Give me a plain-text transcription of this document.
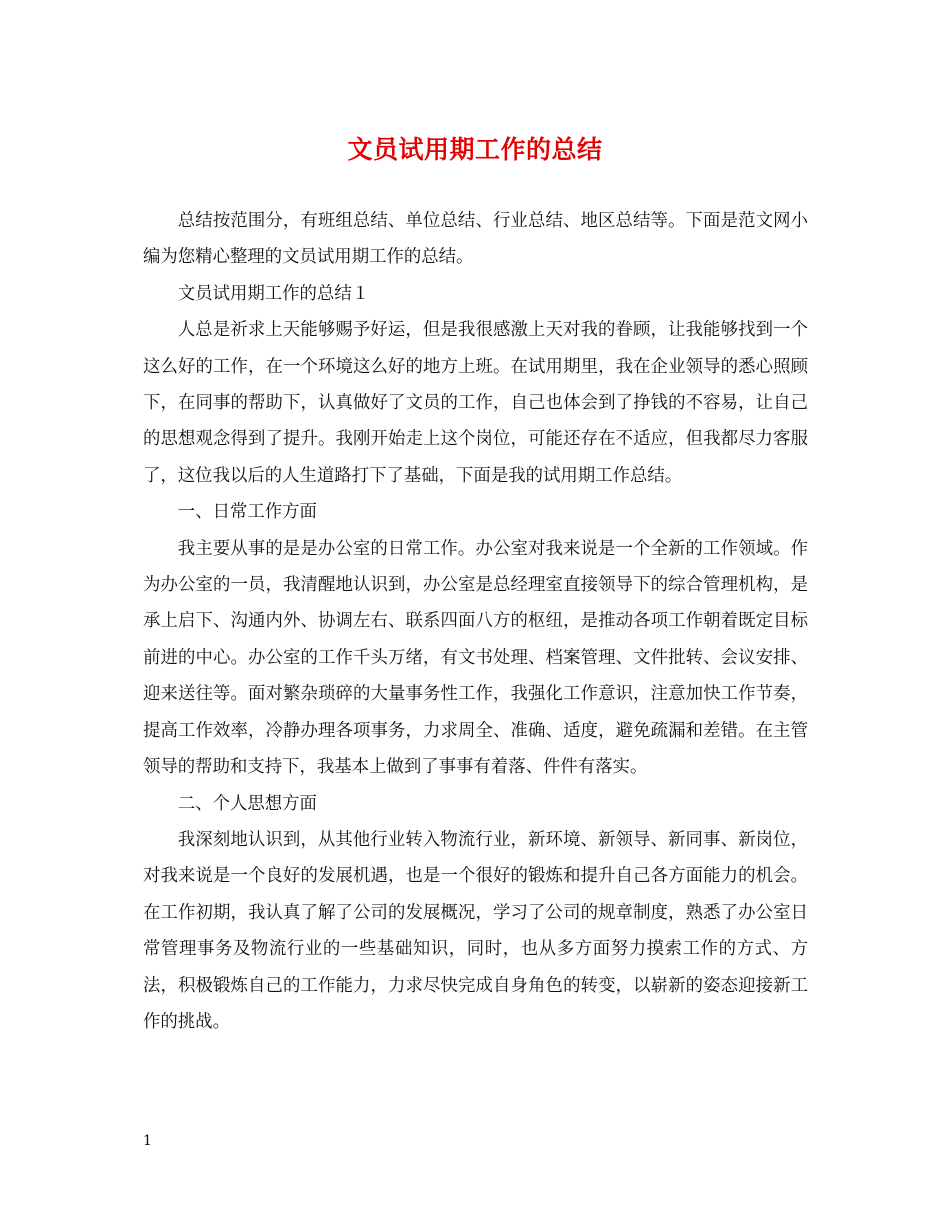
文员试用期工作的总结

总结按范围分，有班组总结、单位总结、行业总结、地区总结等。下面是范文网小编为您精心整理的文员试用期工作的总结。

文员试用期工作的总结１

人总是祈求上天能够赐予好运，但是我很感激上天对我的眷顾，让我能够找到一个这么好的工作，在一个环境这么好的地方上班。在试用期里，我在企业领导的悉心照顾下，在同事的帮助下，认真做好了文员的工作，自己也体会到了挣钱的不容易，让自己的思想观念得到了提升。我刚开始走上这个岗位，可能还存在不适应，但我都尽力客服了，这位我以后的人生道路打下了基础，下面是我的试用期工作总结。

一、日常工作方面

我主要从事的是是办公室的日常工作。办公室对我来说是一个全新的工作领域。作为办公室的一员，我清醒地认识到，办公室是总经理室直接领导下的综合管理机构，是承上启下、沟通内外、协调左右、联系四面八方的枢纽，是推动各项工作朝着既定目标前进的中心。办公室的工作千头万绪，有文书处理、档案管理、文件批转、会议安排、迎来送往等。面对繁杂琐碎的大量事务性工作，我强化工作意识，注意加快工作节奏，提高工作效率，冷静办理各项事务，力求周全、准确、适度，避免疏漏和差错。在主管领导的帮助和支持下，我基本上做到了事事有着落、件件有落实。

二、个人思想方面

我深刻地认识到，从其他行业转入物流行业，新环境、新领导、新同事、新岗位，对我来说是一个良好的发展机遇，也是一个很好的锻炼和提升自己各方面能力的机会。在工作初期，我认真了解了公司的发展概况，学习了公司的规章制度，熟悉了办公室日常管理事务及物流行业的一些基础知识，同时，也从多方面努力摸索工作的方式、方法，积极锻炼自己的工作能力，力求尽快完成自身角色的转变，以崭新的姿态迎接新工作的挑战。

1
